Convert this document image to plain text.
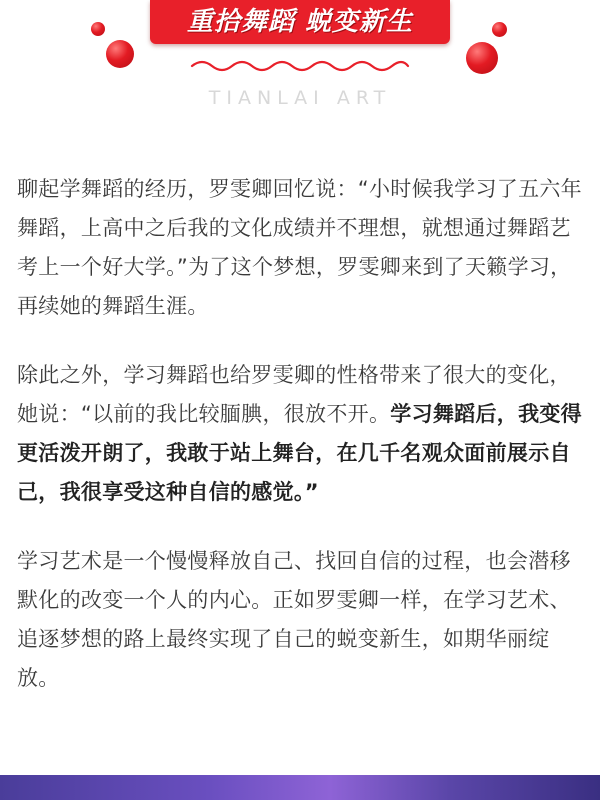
重拾舞蹈 蜕变新生
TIANLAI ART

聊起学舞蹈的经历，罗雯卿回忆说：“小时候我学习了五六年舞蹈，上高中之后我的文化成绩并不理想，就想通过舞蹈艺考上一个好大学。”为了这个梦想，罗雯卿来到了天籁学习，再续她的舞蹈生涯。

除此之外，学习舞蹈也给罗雯卿的性格带来了很大的变化，她说：“以前的我比较腼腆，很放不开。学习舞蹈后，我变得更活泼开朗了，我敢于站上舞台，在几千名观众面前展示自己，我很享受这种自信的感觉。”

学习艺术是一个慢慢释放自己、找回自信的过程，也会潜移默化的改变一个人的内心。正如罗雯卿一样，在学习艺术、追逐梦想的路上最终实现了自己的蜕变新生，如期华丽绽放。
